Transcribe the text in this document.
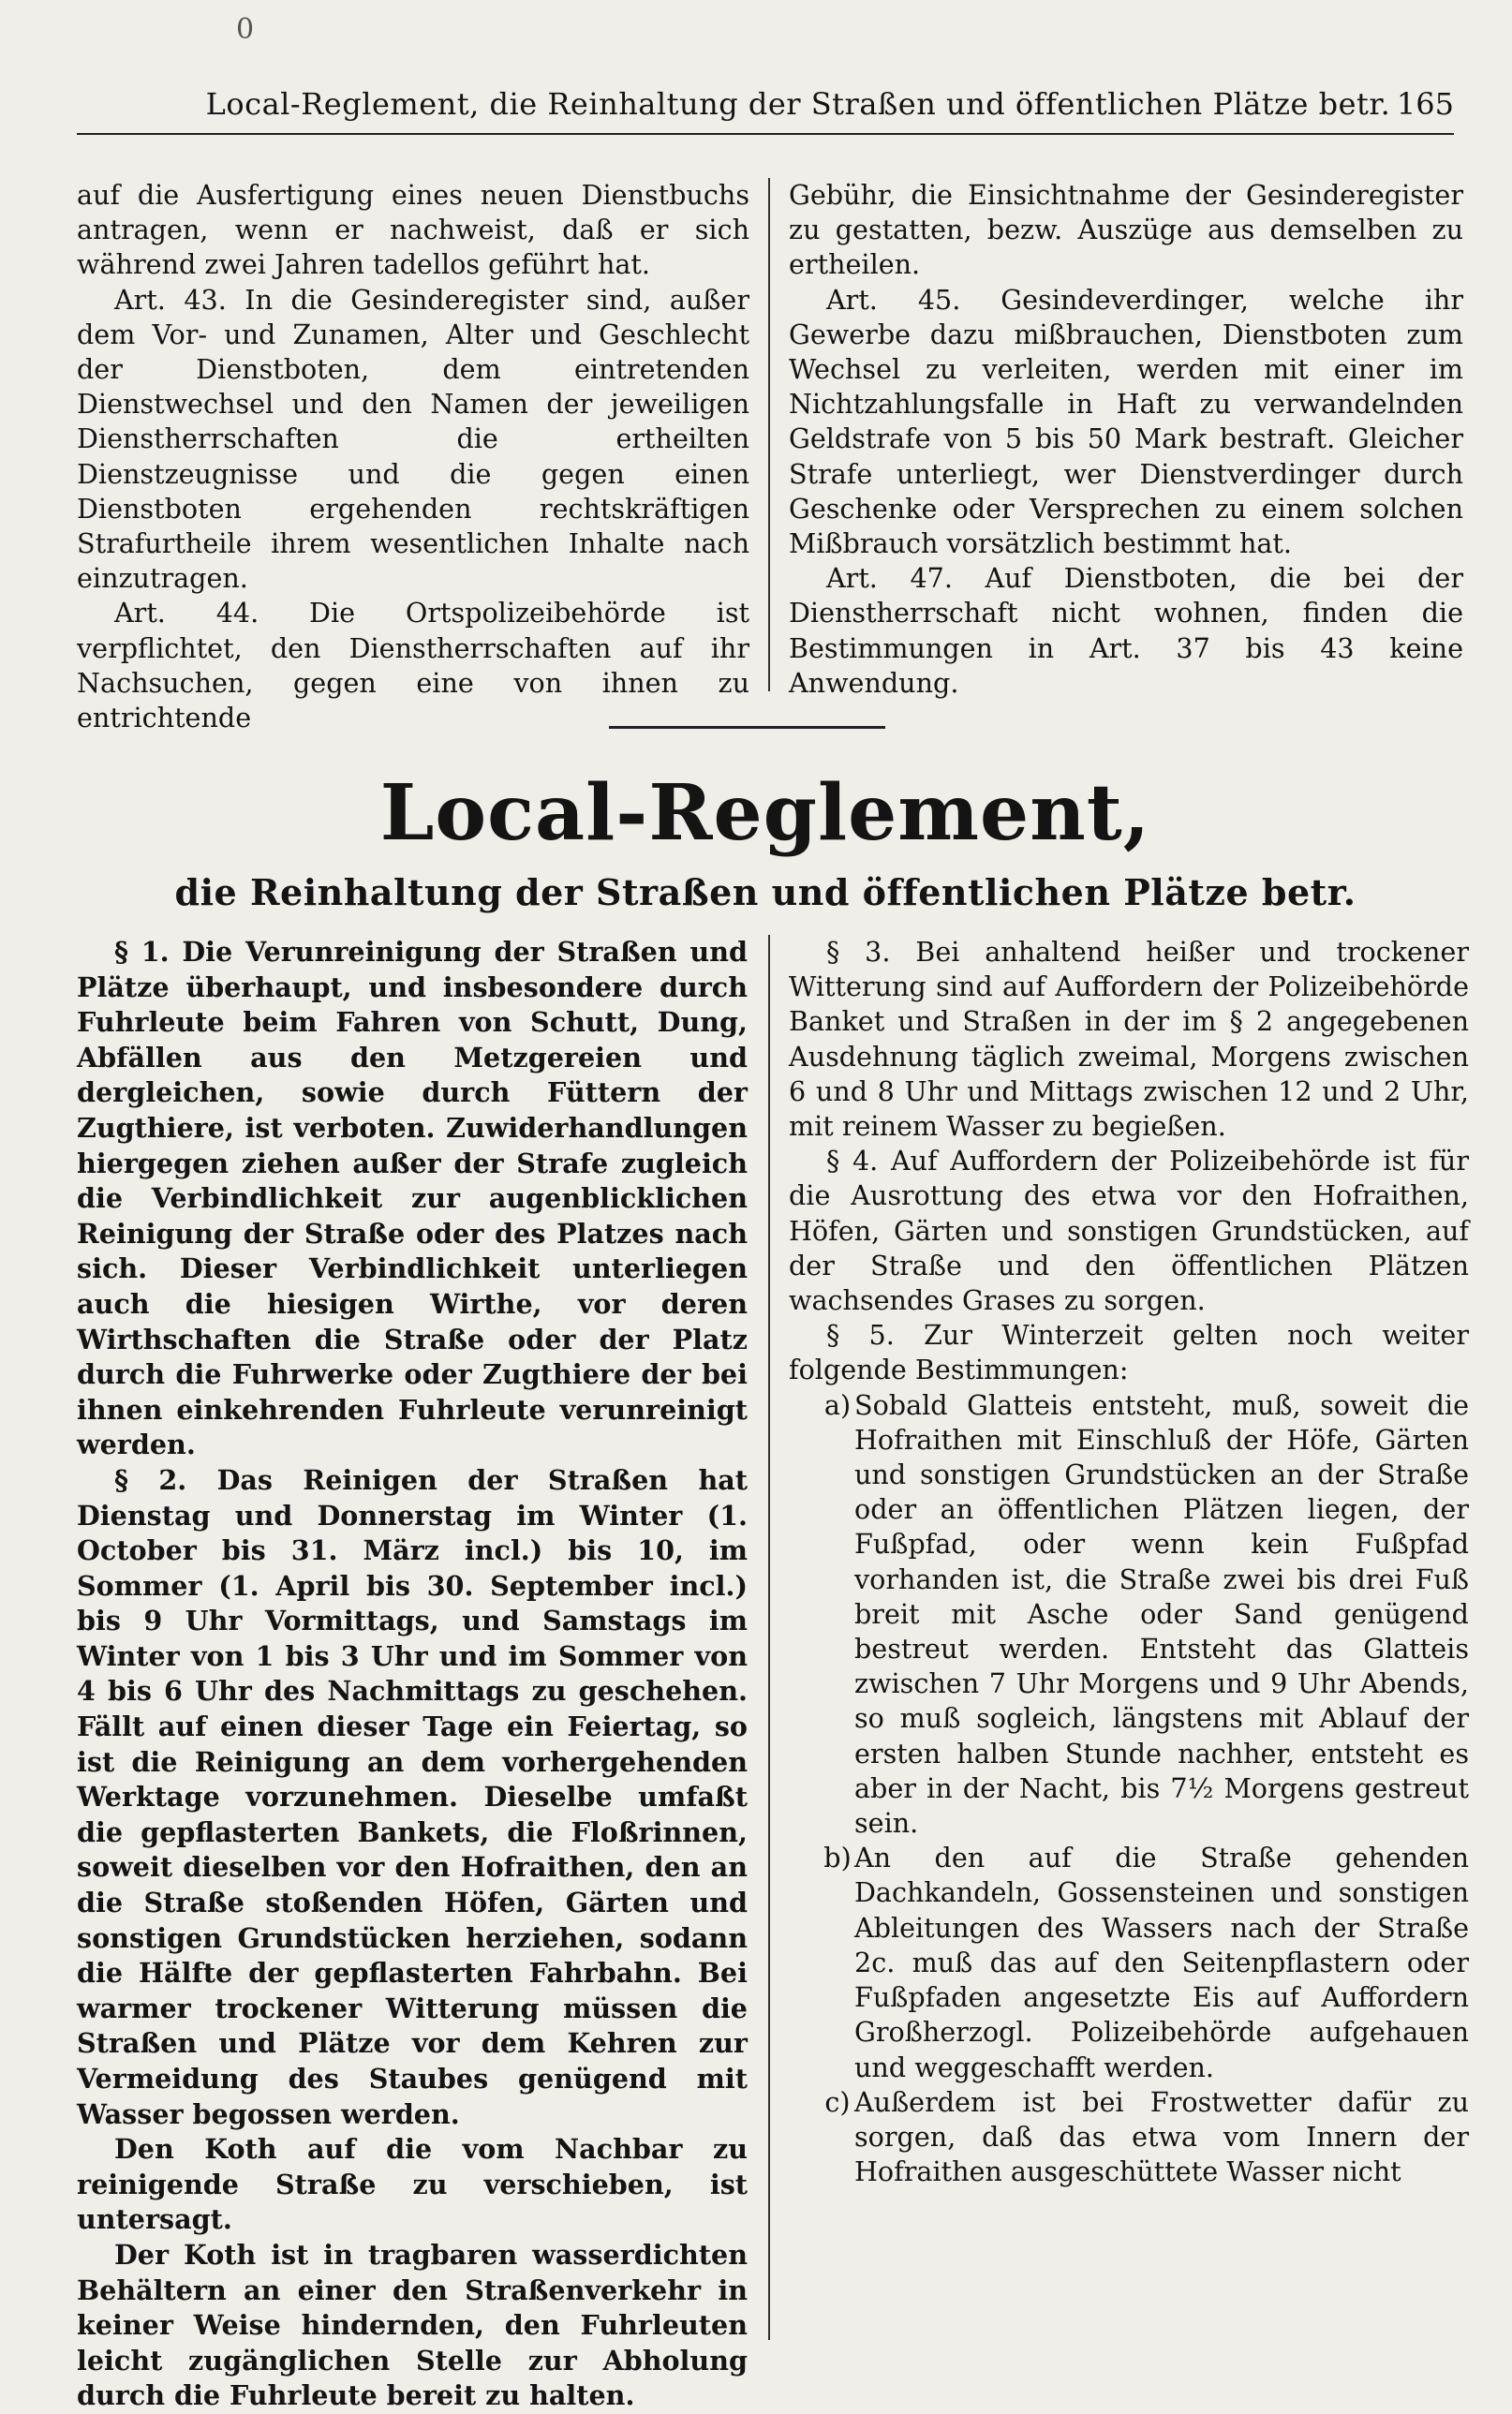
0
Local-Reglement, die Reinhaltung der Straßen und öffentlichen Plätze betr. 165

auf die Ausfertigung eines neuen Dienstbuchs antragen, wenn er nachweist, daß er sich während zwei Jahren tadellos geführt hat.

Art. 43. In die Gesinderegister sind, außer dem Vor- und Zunamen, Alter und Geschlecht der Dienstboten, dem eintretenden Dienstwechsel und den Namen der jeweiligen Dienstherrschaften die ertheilten Dienstzeugnisse und die gegen einen Dienstboten ergehenden rechtskräftigen Strafurtheile ihrem wesentlichen Inhalte nach einzutragen.

Art. 44. Die Ortspolizeibehörde ist verpflichtet, den Dienstherrschaften auf ihr Nachsuchen, gegen eine von ihnen zu entrichtende

Gebühr, die Einsichtnahme der Gesinderegister zu gestatten, bezw. Auszüge aus demselben zu ertheilen.

Art. 45. Gesindeverdinger, welche ihr Gewerbe dazu mißbrauchen, Dienstboten zum Wechsel zu verleiten, werden mit einer im Nichtzahlungsfalle in Haft zu verwandelnden Geldstrafe von 5 bis 50 Mark bestraft. Gleicher Strafe unterliegt, wer Dienstverdinger durch Geschenke oder Versprechen zu einem solchen Mißbrauch vorsätzlich bestimmt hat.

Art. 47. Auf Dienstboten, die bei der Dienstherrschaft nicht wohnen, finden die Bestimmungen in Art. 37 bis 43 keine Anwendung.

Local-Reglement,
die Reinhaltung der Straßen und öffentlichen Plätze betr.

§ 1. Die Verunreinigung der Straßen und Plätze überhaupt, und insbesondere durch Fuhrleute beim Fahren von Schutt, Dung, Abfällen aus den Metzgereien und dergleichen, sowie durch Füttern der Zugthiere, ist verboten. Zuwiderhandlungen hiergegen ziehen außer der Strafe zugleich die Verbindlichkeit zur augenblicklichen Reinigung der Straße oder des Platzes nach sich. Dieser Verbindlichkeit unterliegen auch die hiesigen Wirthe, vor deren Wirthschaften die Straße oder der Platz durch die Fuhrwerke oder Zugthiere der bei ihnen einkehrenden Fuhrleute verunreinigt werden.

§ 2. Das Reinigen der Straßen hat Dienstag und Donnerstag im Winter (1. October bis 31. März incl.) bis 10, im Sommer (1. April bis 30. September incl.) bis 9 Uhr Vormittags, und Samstags im Winter von 1 bis 3 Uhr und im Sommer von 4 bis 6 Uhr des Nachmittags zu geschehen. Fällt auf einen dieser Tage ein Feiertag, so ist die Reinigung an dem vorhergehenden Werktage vorzunehmen. Dieselbe umfaßt die gepflasterten Bankets, die Floßrinnen, soweit dieselben vor den Hofraithen, den an die Straße stoßenden Höfen, Gärten und sonstigen Grundstücken herziehen, sodann die Hälfte der gepflasterten Fahrbahn. Bei warmer trockener Witterung müssen die Straßen und Plätze vor dem Kehren zur Vermeidung des Staubes genügend mit Wasser begossen werden.

Den Koth auf die vom Nachbar zu reinigende Straße zu verschieben, ist untersagt.

Der Koth ist in tragbaren wasserdichten Behältern an einer den Straßenverkehr in keiner Weise hindernden, den Fuhrleuten leicht zugänglichen Stelle zur Abholung durch die Fuhrleute bereit zu halten.

§ 3. Bei anhaltend heißer und trockener Witterung sind auf Auffordern der Polizeibehörde Banket und Straßen in der im § 2 angegebenen Ausdehnung täglich zweimal, Morgens zwischen 6 und 8 Uhr und Mittags zwischen 12 und 2 Uhr, mit reinem Wasser zu begießen.

§ 4. Auf Auffordern der Polizeibehörde ist für die Ausrottung des etwa vor den Hofraithen, Höfen, Gärten und sonstigen Grundstücken, auf der Straße und den öffentlichen Plätzen wachsendes Grases zu sorgen.

§ 5. Zur Winterzeit gelten noch weiter folgende Bestimmungen:

a) Sobald Glatteis entsteht, muß, soweit die Hofraithen mit Einschluß der Höfe, Gärten und sonstigen Grundstücken an der Straße oder an öffentlichen Plätzen liegen, der Fußpfad, oder wenn kein Fußpfad vorhanden ist, die Straße zwei bis drei Fuß breit mit Asche oder Sand genügend bestreut werden. Entsteht das Glatteis zwischen 7 Uhr Morgens und 9 Uhr Abends, so muß sogleich, längstens mit Ablauf der ersten halben Stunde nachher, entsteht es aber in der Nacht, bis 7½ Morgens gestreut sein.

b) An den auf die Straße gehenden Dachkandeln, Gossensteinen und sonstigen Ableitungen des Wassers nach der Straße 2c. muß das auf den Seitenpflastern oder Fußpfaden angesetzte Eis auf Auffordern Großherzogl. Polizeibehörde aufgehauen und weggeschafft werden.

c) Außerdem ist bei Frostwetter dafür zu sorgen, daß das etwa vom Innern der Hofraithen ausgeschüttete Wasser nicht
